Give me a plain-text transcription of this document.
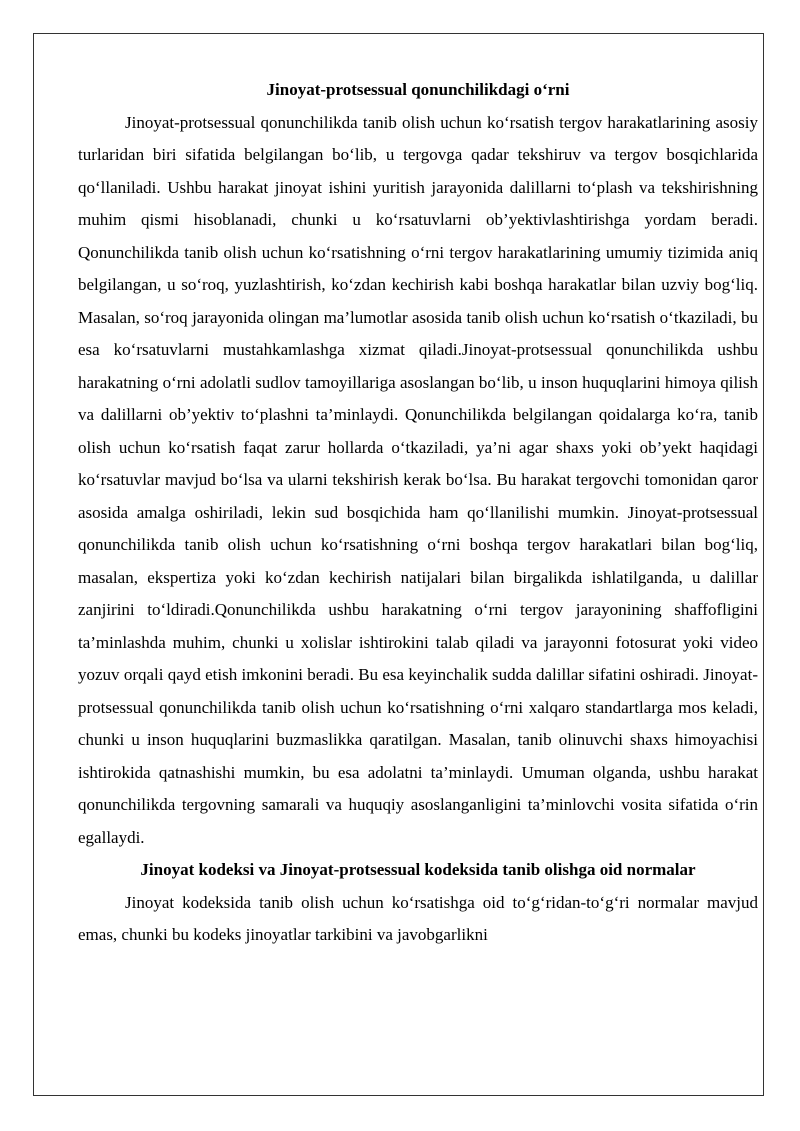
Jinoyat-protsessual qonunchilikdagi o‘rni

Jinoyat-protsessual qonunchilikda tanib olish uchun ko‘rsatish tergov harakatlarining asosiy turlaridan biri sifatida belgilangan bo‘lib, u tergovga qadar tekshiruv va tergov bosqichlarida qo‘llaniladi. Ushbu harakat jinoyat ishini yuritish jarayonida dalillarni to‘plash va tekshirishning muhim qismi hisoblanadi, chunki u ko‘rsatuvlarni ob’yektivlashtirishga yordam beradi. Qonunchilikda tanib olish uchun ko‘rsatishning o‘rni tergov harakatlarining umumiy tizimida aniq belgilangan, u so‘roq, yuzlashtirish, ko‘zdan kechirish kabi boshqa harakatlar bilan uzviy bog‘liq. Masalan, so‘roq jarayonida olingan ma’lumotlar asosida tanib olish uchun ko‘rsatish o‘tkaziladi, bu esa ko‘rsatuvlarni mustahkamlashga xizmat qiladi.Jinoyat-protsessual qonunchilikda ushbu harakatning o‘rni adolatli sudlov tamoyillariga asoslangan bo‘lib, u inson huquqlarini himoya qilish va dalillarni ob’yektiv to‘plashni ta’minlaydi. Qonunchilikda belgilangan qoidalarga ko‘ra, tanib olish uchun ko‘rsatish faqat zarur hollarda o‘tkaziladi, ya’ni agar shaxs yoki ob’yekt haqidagi ko‘rsatuvlar mavjud bo‘lsa va ularni tekshirish kerak bo‘lsa. Bu harakat tergovchi tomonidan qaror asosida amalga oshiriladi, lekin sud bosqichida ham qo‘llanilishi mumkin. Jinoyat-protsessual qonunchilikda tanib olish uchun ko‘rsatishning o‘rni boshqa tergov harakatlari bilan bog‘liq, masalan, ekspertiza yoki ko‘zdan kechirish natijalari bilan birgalikda ishlatilganda, u dalillar zanjirini to‘ldiradi.Qonunchilikda ushbu harakatning o‘rni tergov jarayonining shaffofligini ta’minlashda muhim, chunki u xolislar ishtirokini talab qiladi va jarayonni fotosurat yoki video yozuv orqali qayd etish imkonini beradi. Bu esa keyinchalik sudda dalillar sifatini oshiradi. Jinoyat-protsessual qonunchilikda tanib olish uchun ko‘rsatishning o‘rni xalqaro standartlarga mos keladi, chunki u inson huquqlarini buzmaslikka qaratilgan. Masalan, tanib olinuvchi shaxs himoyachisi ishtirokida qatnashishi mumkin, bu esa adolatni ta’minlaydi. Umuman olganda, ushbu harakat qonunchilikda tergovning samarali va huquqiy asoslanganligini ta’minlovchi vosita sifatida o‘rin egallaydi.

Jinoyat kodeksi va Jinoyat-protsessual kodeksida tanib olishga oid normalar

Jinoyat kodeksida tanib olish uchun ko‘rsatishga oid to‘g‘ridan-to‘g‘ri normalar mavjud emas, chunki bu kodeks jinoyatlar tarkibini va javobgarlikni
